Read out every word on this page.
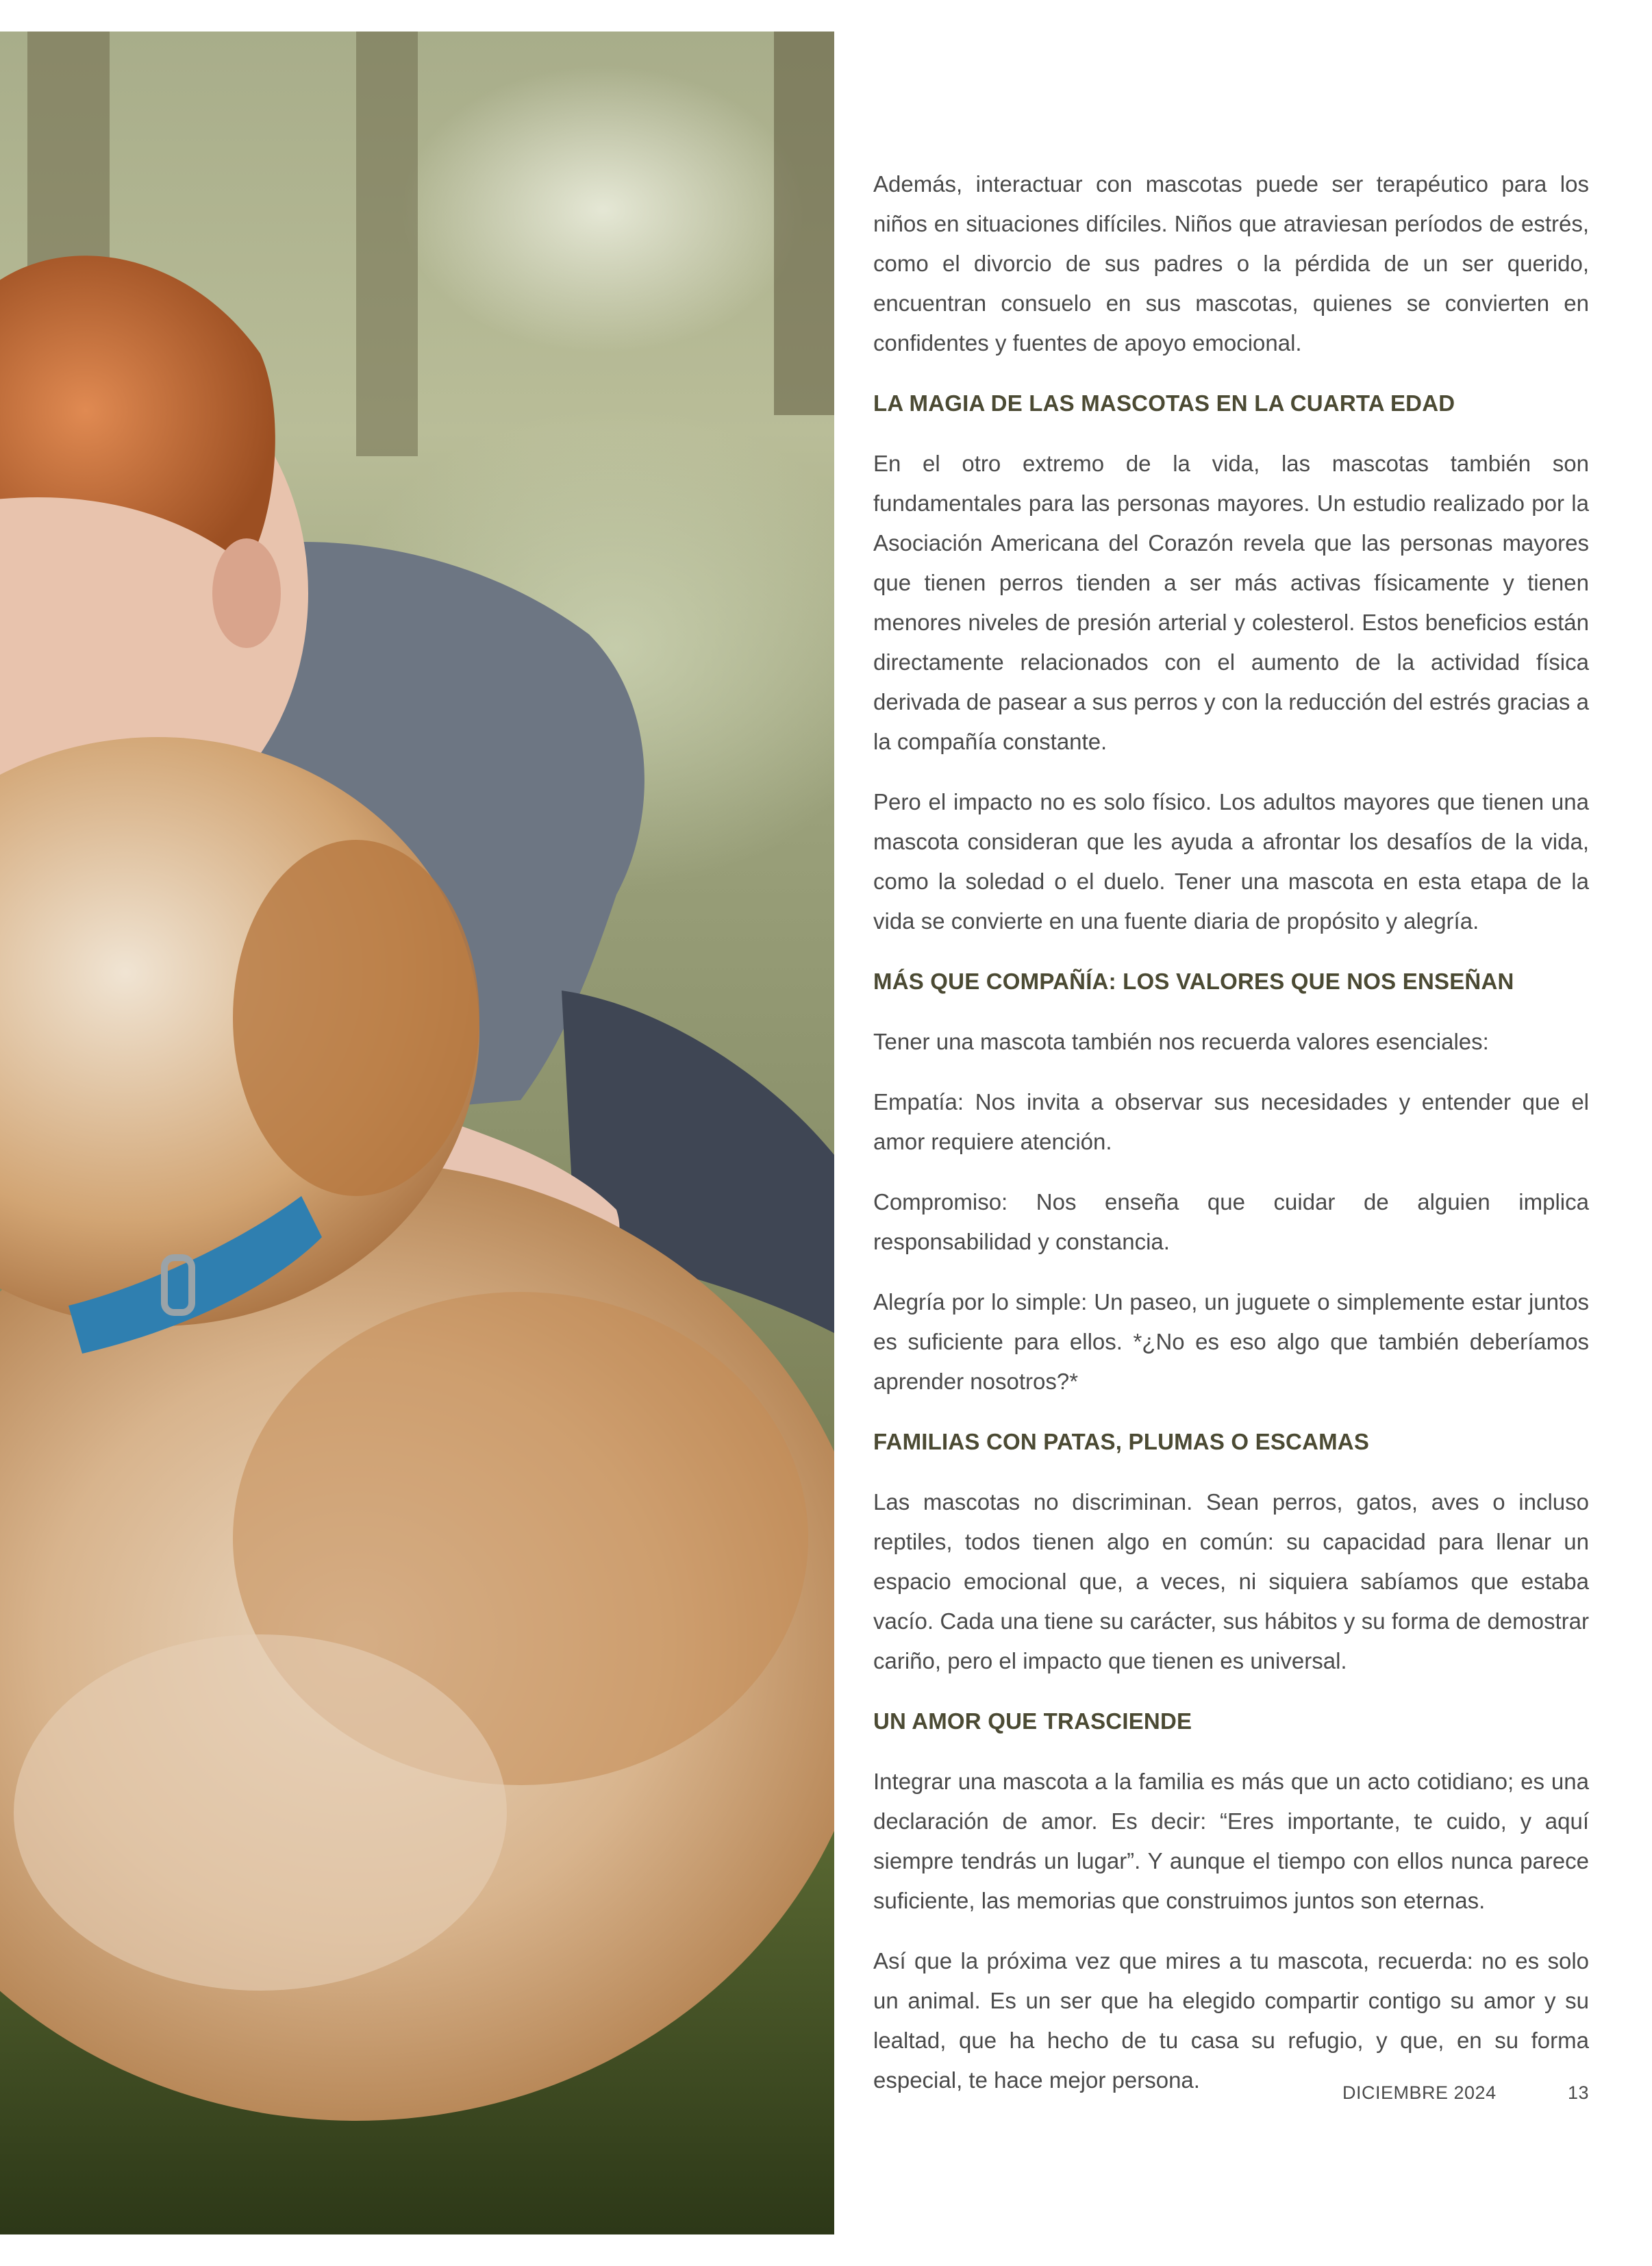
Además, interactuar con mascotas puede ser terapéutico para los niños en situaciones difíciles. Niños que atraviesan períodos de estrés, como el divorcio de sus padres o la pérdida de un ser querido, encuentran consuelo en sus mascotas, quienes se convierten en confidentes y fuentes de apoyo emocional.

LA MAGIA DE LAS MASCOTAS EN LA CUARTA EDAD

En el otro extremo de la vida, las mascotas también son fundamentales para las personas mayores. Un estudio realizado por la Asociación Americana del Corazón revela que las personas mayores que tienen perros tienden a ser más activas físicamente y tienen menores niveles de presión arterial y colesterol. Estos beneficios están directamente relacionados con el aumento de la actividad física derivada de pasear a sus perros y con la reducción del estrés gracias a la compañía constante.

Pero el impacto no es solo físico. Los adultos mayores que tienen una mascota consideran que les ayuda a afrontar los desafíos de la vida, como la soledad o el duelo. Tener una mascota en esta etapa de la vida se convierte en una fuente diaria de propósito y alegría.

MÁS QUE COMPAÑÍA: LOS VALORES QUE NOS ENSEÑAN

Tener una mascota también nos recuerda valores esenciales:

Empatía: Nos invita a observar sus necesidades y entender que el amor requiere atención.

Compromiso: Nos enseña que cuidar de alguien implica responsabilidad y constancia.

Alegría por lo simple: Un paseo, un juguete o simplemente estar juntos es suficiente para ellos. *¿No es eso algo que también deberíamos aprender nosotros?*

FAMILIAS CON PATAS, PLUMAS O ESCAMAS

Las mascotas no discriminan. Sean perros, gatos, aves o incluso reptiles, todos tienen algo en común: su capacidad para llenar un espacio emocional que, a veces, ni siquiera sabíamos que estaba vacío. Cada una tiene su carácter, sus hábitos y su forma de demostrar cariño, pero el impacto que tienen es universal.

UN AMOR QUE TRASCIENDE

Integrar una mascota a la familia es más que un acto cotidiano; es una declaración de amor. Es decir: “Eres importante, te cuido, y aquí siempre tendrás un lugar”. Y aunque el tiempo con ellos nunca parece suficiente, las memorias que construimos juntos son eternas.

Así que la próxima vez que mires a tu mascota, recuerda: no es solo un animal. Es un ser que ha elegido compartir contigo su amor y su lealtad, que ha hecho de tu casa su refugio, y que, en su forma especial, te hace mejor persona.	DICIEMBRE 2024	13
